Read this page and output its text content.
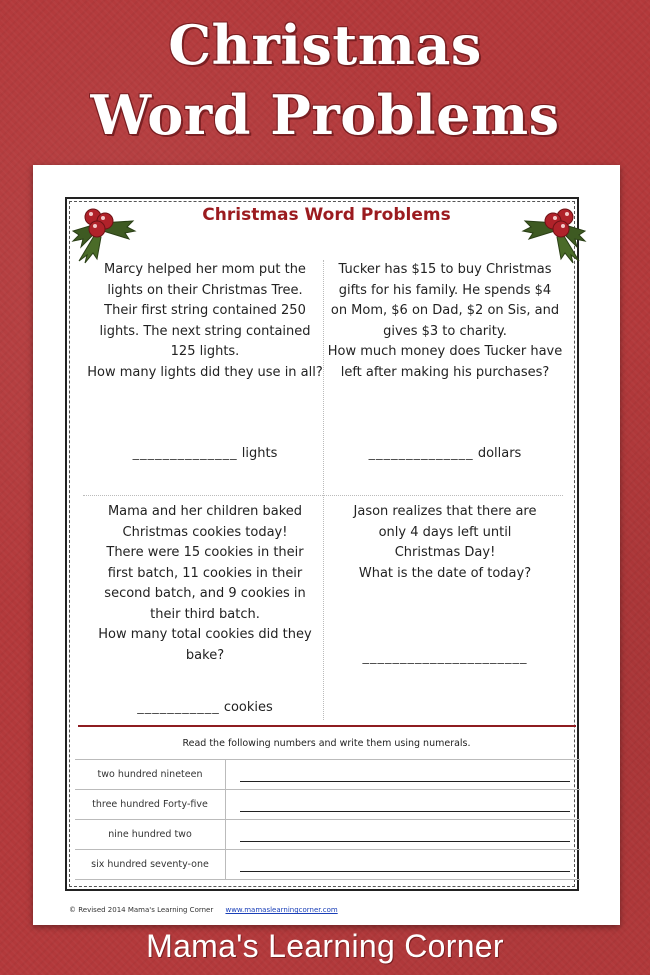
Christmas
Word Problems
Christmas Word Problems

Marcy helped her mom put the

lights on their Christmas Tree.

Their first string contained 250

lights. The next string contained

125 lights.

How many lights did they use in all?

______________ lights

Tucker has $15 to buy Christmas

gifts for his family. He spends $4

on Mom, $6 on Dad, $2 on Sis, and

gives $3 to charity.

How much money does Tucker have

left after making his purchases?

______________ dollars

Mama and her children baked

Christmas cookies today!

There were 15 cookies in their

first batch, 11 cookies in their

second batch, and 9 cookies in

their third batch.

How many total cookies did they

bake?

___________ cookies

Jason realizes that there are

only 4 days left until

Christmas Day!

What is the date of today?

______________________
Read the following numbers and write them using numerals.
two hundred nineteen	

three hundred Forty-five	

nine hundred two	

six hundred seventy-one	
© Revised 2014 Mama's Learning Corner www.mamaslearningcorner.com
Mama's Learning Corner
